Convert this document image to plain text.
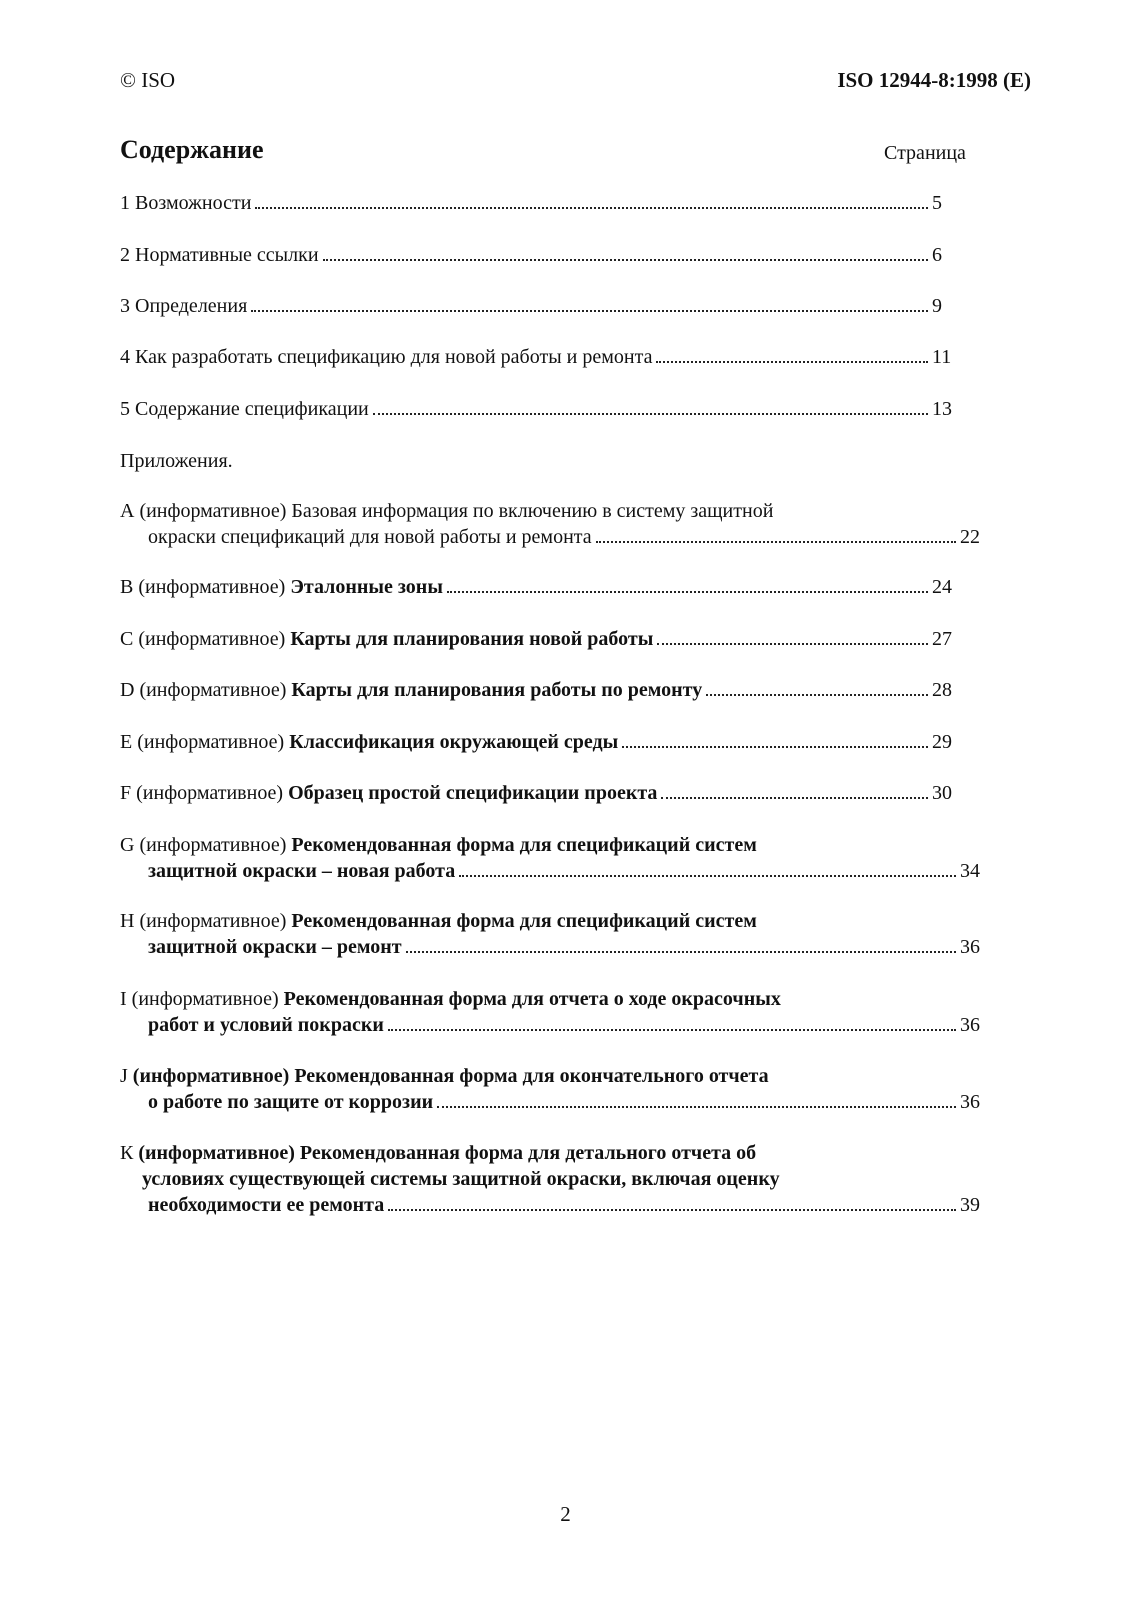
© ISO	ISO 12944-8:1998 (E)
Содержание	Страница
1 Возможности	5
2 Нормативные ссылки	6
3 Определения	9
4 Как разработать спецификацию для новой работы и ремонта	11
5 Содержание спецификации	13
Приложения.
А (информативное) Базовая информация по включению в систему защитной
окраски спецификаций для новой работы и ремонта	22
В (информативное) Эталонные зоны	24
С (информативное) Карты для планирования новой работы	27
D (информативное) Карты для планирования работы по ремонту	28
Е (информативное) Классификация окружающей среды	29
F (информативное) Образец простой спецификации проекта	30
G (информативное) Рекомендованная форма для спецификаций систем
защитной окраски – новая работа	34
Н (информативное) Рекомендованная форма для спецификаций систем
защитной окраски – ремонт	36
I (информативное) Рекомендованная форма для отчета о ходе окрасочных
работ и условий покраски	36
J (информативное) Рекомендованная форма для окончательного отчета
о работе по защите от коррозии	36
К (информативное) Рекомендованная форма для детального отчета об
условиях существующей системы защитной окраски, включая оценку
необходимости ее ремонта	39
2
